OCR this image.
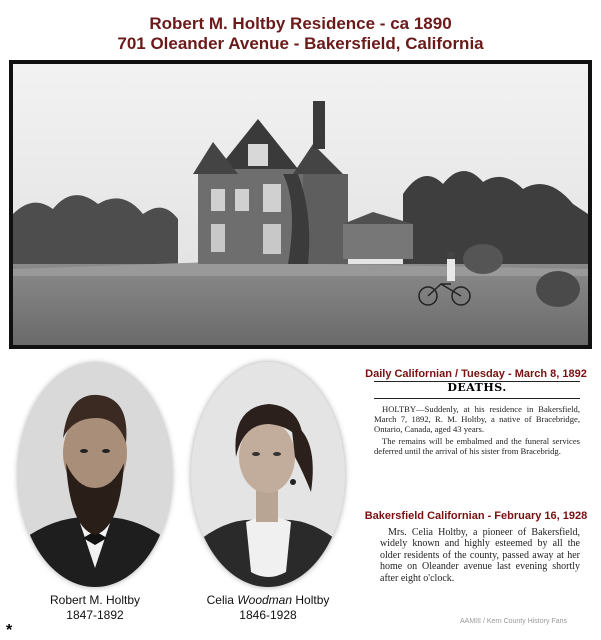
Robert M. Holtby Residence - ca 1890
701 Oleander Avenue - Bakersfield, California
Robert M. Holtby
1847-1892
Celia Woodman Holtby
1846-1928
Daily Californian / Tuesday - March 8, 1892
DEATHS.

HOLTBY—Suddenly, at his residence in Bakersfield, March 7, 1892, R. M. Holtby, a native of Bracebridge, Ontario, Canada, aged 43 years.

The remains will be embalmed and the funeral services deferred until the arrival of his sister from Bracebridg.

Bakersfield Californian - February 16, 1928

Mrs. Celia Holtby, a pioneer of Bakersfield, widely known and highly esteemed by all the older residents of the county, passed away at her home on Oleander avenue last evening shortly after eight o'clock.

*
AAMIII / Kern County History Fans
